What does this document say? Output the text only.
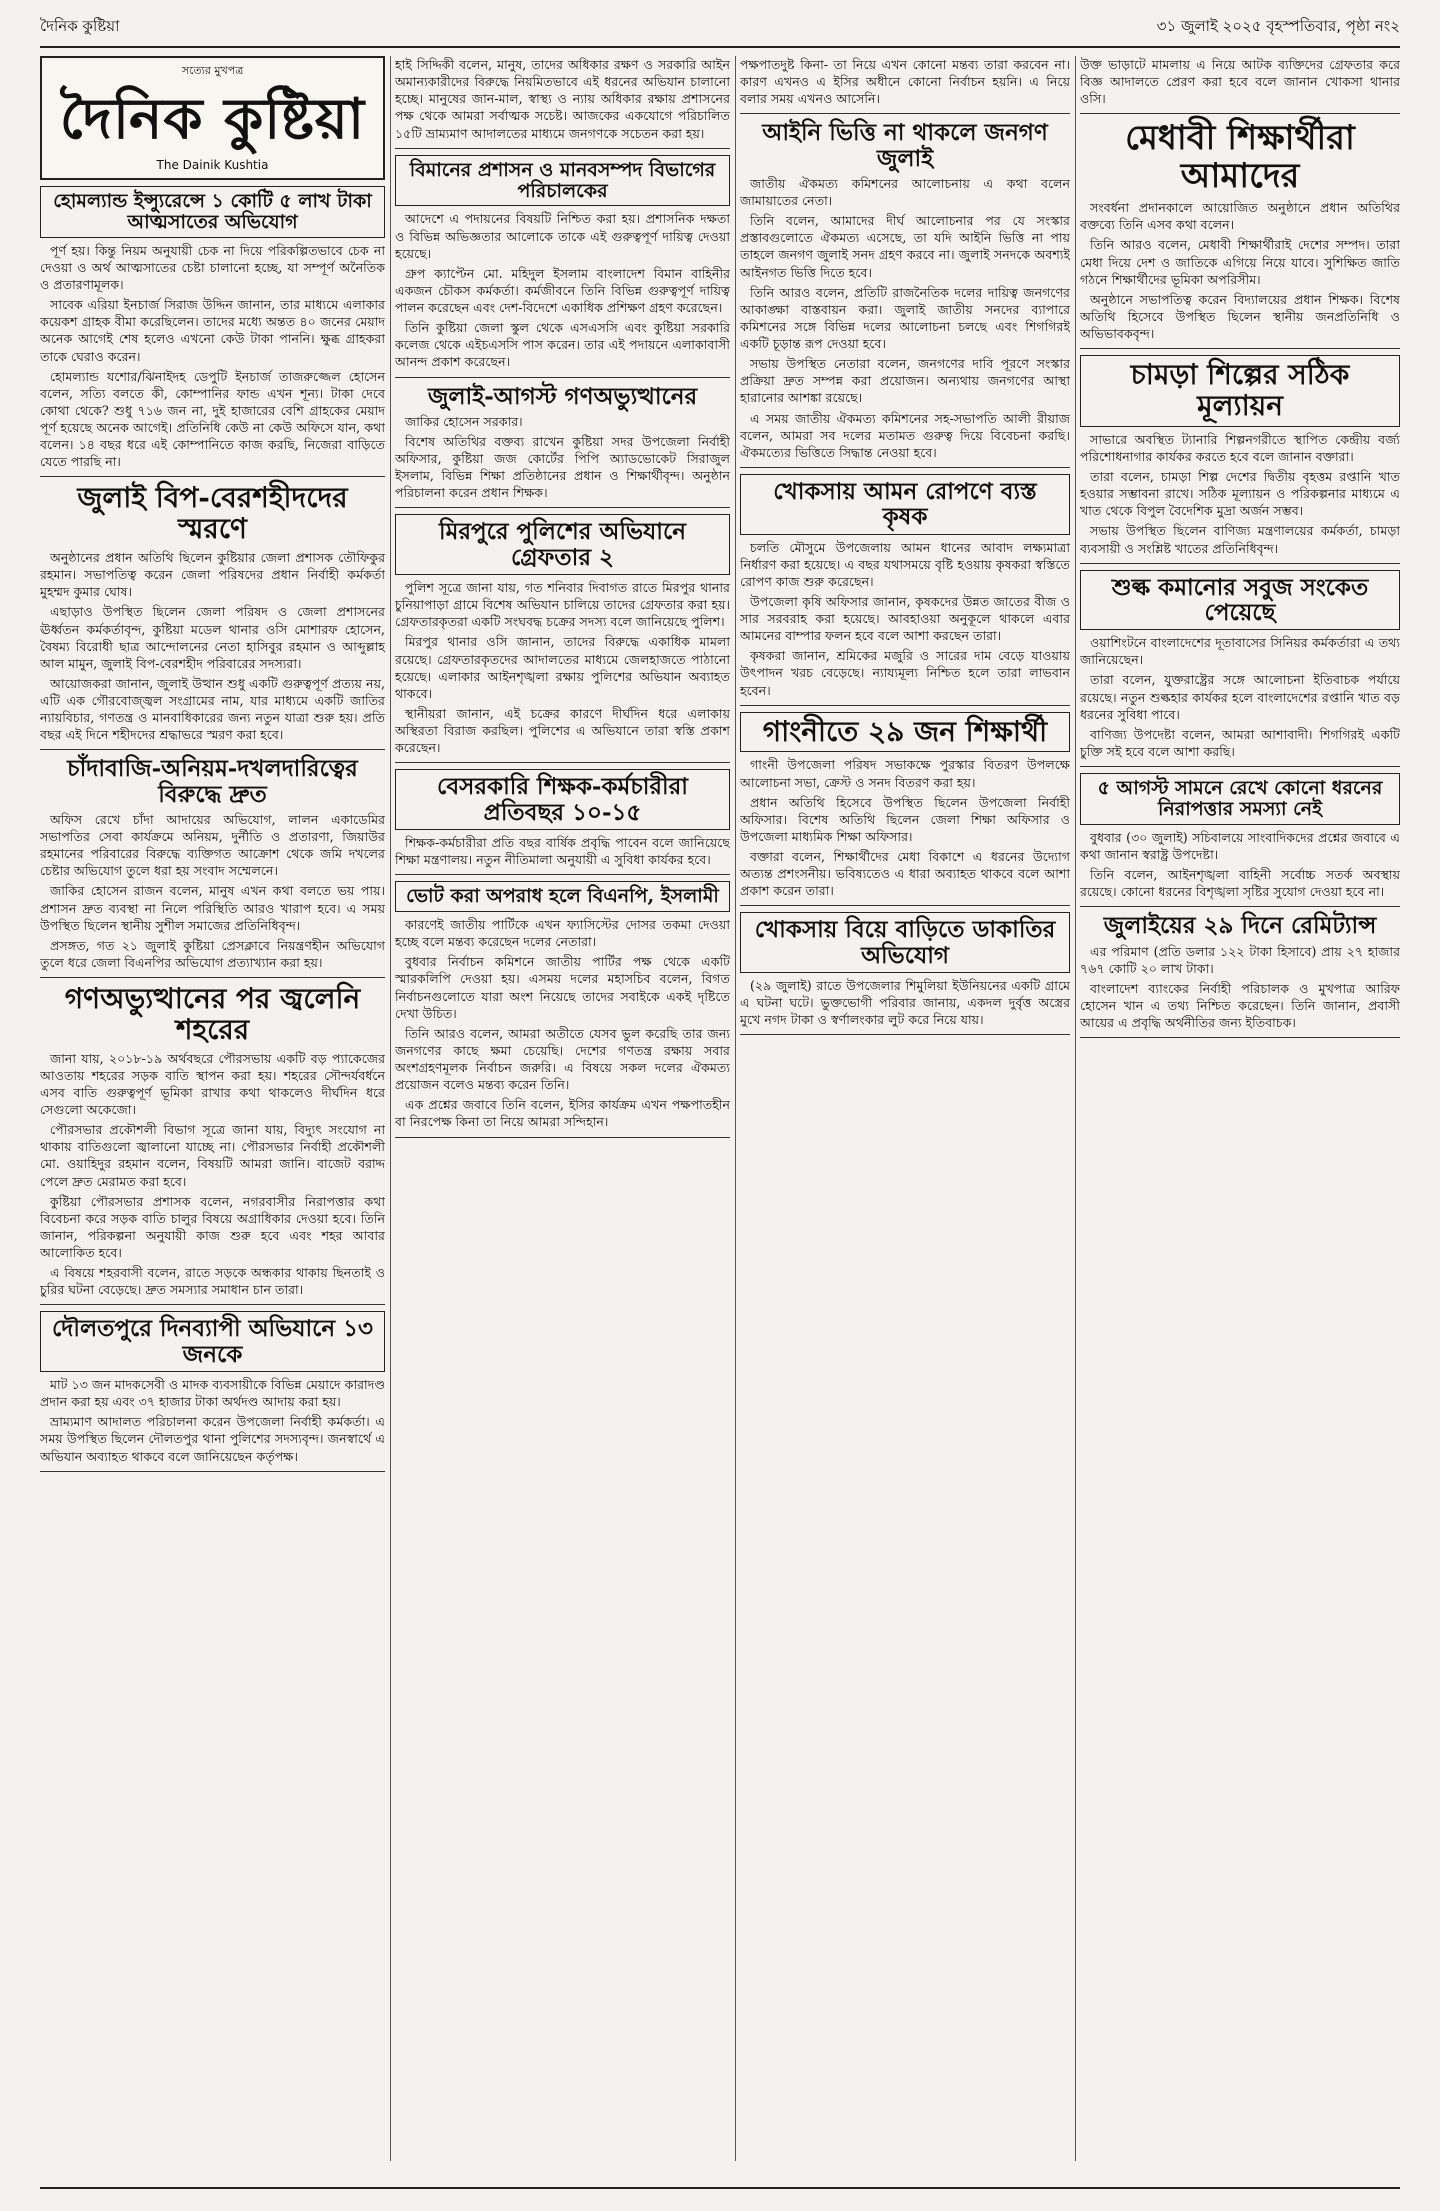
দৈনিক কুষ্টিয়া	৩১ জুলাই ২০২৫ বৃহস্পতিবার, পৃষ্ঠা নং২
সত্যের মুখপত্র
দৈনিক কুষ্টিয়া
The Dainik Kushtia
হোমল্যান্ড ইন্স্যুরেন্সে ১ কোটি ৫ লাখ টাকা আত্মসাতের অভিযোগ

পূর্ণ হয়। কিন্তু নিয়ম অনুযায়ী চেক না দিয়ে পরিকল্পিতভাবে চেক না দেওয়া ও অর্থ আত্মসাতের চেষ্টা চালানো হচ্ছে, যা সম্পূর্ণ অনৈতিক ও প্রতারণামূলক।

সাবেক এরিয়া ইনচার্জ সিরাজ উদ্দিন জানান, তার মাধ্যমে এলাকার কয়েকশ গ্রাহক বীমা করেছিলেন। তাদের মধ্যে অন্তত ৪০ জনের মেয়াদ অনেক আগেই শেষ হলেও এখনো কেউ টাকা পাননি। ক্ষুব্ধ গ্রাহকরা তাকে ঘেরাও করেন।

হোমল্যান্ড যশোর/ঝিনাইদহ ডেপুটি ইনচার্জ তাজরুজ্জেল হোসেন বলেন, সত্যি বলতে কী, কোম্পানির ফান্ড এখন শূন্য। টাকা দেবে কোথা থেকে? শুধু ৭১৬ জন না, দুই হাজারের বেশি গ্রাহকের মেয়াদ পূর্ণ হয়েছে অনেক আগেই। প্রতিনিধি কেউ না কেউ অফিসে যান, কথা বলেন। ১৪ বছর ধরে এই কোম্পানিতে কাজ করছি, নিজেরা বাড়িতে যেতে পারছি না।

জুলাই বিপ-বেরশহীদদের স্মরণে

অনুষ্ঠানের প্রধান অতিথি ছিলেন কুষ্টিয়ার জেলা প্রশাসক তৌফিকুর রহমান। সভাপতিত্ব করেন জেলা পরিষদের প্রধান নির্বাহী কর্মকর্তা মুহম্মদ কুমার ঘোষ।

এছাড়াও উপস্থিত ছিলেন জেলা পরিষদ ও জেলা প্রশাসনের ঊর্ধ্বতন কর্মকর্তাবৃন্দ, কুষ্টিয়া মডেল থানার ওসি মোশারফ হোসেন, বৈষম্য বিরোধী ছাত্র আন্দোলনের নেতা হাসিবুর রহমান ও আব্দুল্লাহ আল মামুন, জুলাই বিপ-বেরশহীদ পরিবারের সদস্যরা।

আয়োজকরা জানান, জুলাই উত্থান শুধু একটি গুরুত্বপূর্ণ প্রত্যয় নয়, এটি এক গৌরবোজ্জ্বল সংগ্রামের নাম, যার মাধ্যমে একটি জাতির ন্যায়বিচার, গণতন্ত্র ও মানবাধিকারের জন্য নতুন যাত্রা শুরু হয়। প্রতি বছর এই দিনে শহীদদের শ্রদ্ধাভরে স্মরণ করা হবে।

চাঁদাবাজি-অনিয়ম-দখলদারিত্বের বিরুদ্ধে দ্রুত

অফিস রেখে চাঁদা আদায়ের অভিযোগ, লালন একাডেমির সভাপতির সেবা কার্যক্রমে অনিয়ম, দুর্নীতি ও প্রতারণা, জিয়াউর রহমানের পরিবারের বিরুদ্ধে ব্যক্তিগত আক্রোশ থেকে জমি দখলের চেষ্টার অভিযোগ তুলে ধরা হয় সংবাদ সম্মেলনে।

জাকির হোসেন রাজন বলেন, মানুষ এখন কথা বলতে ভয় পায়। প্রশাসন দ্রুত ব্যবস্থা না নিলে পরিস্থিতি আরও খারাপ হবে। এ সময় উপস্থিত ছিলেন স্থানীয় সুশীল সমাজের প্রতিনিধিবৃন্দ।

প্রসঙ্গত, গত ২১ জুলাই কুষ্টিয়া প্রেসক্লাবে নিয়ন্ত্রণহীন অভিযোগ তুলে ধরে জেলা বিএনপির অভিযোগ প্রত্যাখ্যান করা হয়।

গণঅভ্যুত্থানের পর জ্বলেনি শহরের

জানা যায়, ২০১৮-১৯ অর্থবছরে পৌরসভায় একটি বড় প্যাকেজের আওতায় শহরের সড়ক বাতি স্থাপন করা হয়। শহরের সৌন্দর্যবর্ধনে এসব বাতি গুরুত্বপূর্ণ ভূমিকা রাখার কথা থাকলেও দীর্ঘদিন ধরে সেগুলো অকেজো।

পৌরসভার প্রকৌশলী বিভাগ সূত্রে জানা যায়, বিদ্যুৎ সংযোগ না থাকায় বাতিগুলো জ্বালানো যাচ্ছে না। পৌরসভার নির্বাহী প্রকৌশলী মো. ওয়াহিদুর রহমান বলেন, বিষয়টি আমরা জানি। বাজেট বরাদ্দ পেলে দ্রুত মেরামত করা হবে।

কুষ্টিয়া পৌরসভার প্রশাসক বলেন, নগরবাসীর নিরাপত্তার কথা বিবেচনা করে সড়ক বাতি চালুর বিষয়ে অগ্রাধিকার দেওয়া হবে। তিনি জানান, পরিকল্পনা অনুযায়ী কাজ শুরু হবে এবং শহর আবার আলোকিত হবে।

এ বিষয়ে শহরবাসী বলেন, রাতে সড়কে অন্ধকার থাকায় ছিনতাই ও চুরির ঘটনা বেড়েছে। দ্রুত সমস্যার সমাধান চান তারা।

দৌলতপুরে দিনব্যাপী অভিযানে ১৩ জনকে

মাট ১৩ জন মাদকসেবী ও মাদক ব্যবসায়ীকে বিভিন্ন মেয়াদে কারাদণ্ড প্রদান করা হয় এবং ৩৭ হাজার টাকা অর্থদণ্ড আদায় করা হয়।

ভ্রাম্যমাণ আদালত পরিচালনা করেন উপজেলা নির্বাহী কর্মকর্তা। এ সময় উপস্থিত ছিলেন দৌলতপুর থানা পুলিশের সদস্যবৃন্দ। জনস্বার্থে এ অভিযান অব্যাহত থাকবে বলে জানিয়েছেন কর্তৃপক্ষ।

হাই সিদ্দিকী বলেন, মানুষ, তাদের অধিকার রক্ষণ ও সরকারি আইন অমান্যকারীদের বিরুদ্ধে নিয়মিতভাবে এই ধরনের অভিযান চালানো হচ্ছে। মানুষের জান-মাল, স্বাস্থ্য ও ন্যায় অধিকার রক্ষায় প্রশাসনের পক্ষ থেকে আমরা সর্বাত্মক সচেষ্ট। আজকের একযোগে পরিচালিত ১৫টি ভ্রাম্যমাণ আদালতের মাধ্যমে জনগণকে সচেতন করা হয়।

বিমানের প্রশাসন ও মানবসম্পদ বিভাগের পরিচালকের

আদেশে এ পদায়নের বিষয়টি নিশ্চিত করা হয়। প্রশাসনিক দক্ষতা ও বিভিন্ন অভিজ্ঞতার আলোকে তাকে এই গুরুত্বপূর্ণ দায়িত্ব দেওয়া হয়েছে।

গ্রুপ ক্যাপ্টেন মো. মহিদুল ইসলাম বাংলাদেশ বিমান বাহিনীর একজন চৌকস কর্মকর্তা। কর্মজীবনে তিনি বিভিন্ন গুরুত্বপূর্ণ দায়িত্ব পালন করেছেন এবং দেশ-বিদেশে একাধিক প্রশিক্ষণ গ্রহণ করেছেন।

তিনি কুষ্টিয়া জেলা স্কুল থেকে এসএসসি এবং কুষ্টিয়া সরকারি কলেজ থেকে এইচএসসি পাস করেন। তার এই পদায়নে এলাকাবাসী আনন্দ প্রকাশ করেছেন।

জুলাই-আগস্ট গণঅভ্যুত্থানের

জাকির হোসেন সরকার।

বিশেষ অতিথির বক্তব্য রাখেন কুষ্টিয়া সদর উপজেলা নির্বাহী অফিসার, কুষ্টিয়া জজ কোর্টের পিপি অ্যাডভোকেট সিরাজুল ইসলাম, বিভিন্ন শিক্ষা প্রতিষ্ঠানের প্রধান ও শিক্ষার্থীবৃন্দ। অনুষ্ঠান পরিচালনা করেন প্রধান শিক্ষক।

মিরপুরে পুলিশের অভিযানে গ্রেফতার ২

পুলিশ সূত্রে জানা যায়, গত শনিবার দিবাগত রাতে মিরপুর থানার চুনিয়াপাড়া গ্রামে বিশেষ অভিযান চালিয়ে তাদের গ্রেফতার করা হয়। গ্রেফতারকৃতরা একটি সংঘবদ্ধ চক্রের সদস্য বলে জানিয়েছে পুলিশ।

মিরপুর থানার ওসি জানান, তাদের বিরুদ্ধে একাধিক মামলা রয়েছে। গ্রেফতারকৃতদের আদালতের মাধ্যমে জেলহাজতে পাঠানো হয়েছে। এলাকার আইনশৃঙ্খলা রক্ষায় পুলিশের অভিযান অব্যাহত থাকবে।

স্থানীয়রা জানান, এই চক্রের কারণে দীর্ঘদিন ধরে এলাকায় অস্থিরতা বিরাজ করছিল। পুলিশের এ অভিযানে তারা স্বস্তি প্রকাশ করেছেন।

বেসরকারি শিক্ষক-কর্মচারীরা প্রতিবছর ১০-১৫

শিক্ষক-কর্মচারীরা প্রতি বছর বার্ষিক প্রবৃদ্ধি পাবেন বলে জানিয়েছে শিক্ষা মন্ত্রণালয়। নতুন নীতিমালা অনুযায়ী এ সুবিধা কার্যকর হবে।

ভোট করা অপরাধ হলে বিএনপি, ইসলামী

কারণেই জাতীয় পার্টিকে এখন ফ্যাসিস্টের দোসর তকমা দেওয়া হচ্ছে বলে মন্তব্য করেছেন দলের নেতারা।

বুধবার নির্বাচন কমিশনে জাতীয় পার্টির পক্ষ থেকে একটি স্মারকলিপি দেওয়া হয়। এসময় দলের মহাসচিব বলেন, বিগত নির্বাচনগুলোতে যারা অংশ নিয়েছে তাদের সবাইকে একই দৃষ্টিতে দেখা উচিত।

তিনি আরও বলেন, আমরা অতীতে যেসব ভুল করেছি তার জন্য জনগণের কাছে ক্ষমা চেয়েছি। দেশের গণতন্ত্র রক্ষায় সবার অংশগ্রহণমূলক নির্বাচন জরুরি। এ বিষয়ে সকল দলের ঐকমত্য প্রয়োজন বলেও মন্তব্য করেন তিনি।

এক প্রশ্নের জবাবে তিনি বলেন, ইসির কার্যক্রম এখন পক্ষপাতহীন বা নিরপেক্ষ কিনা তা নিয়ে আমরা সন্দিহান।

পক্ষপাতদুষ্ট কিনা- তা নিয়ে এখন কোনো মন্তব্য তারা করবেন না। কারণ এখনও এ ইসির অধীনে কোনো নির্বাচন হয়নি। এ নিয়ে বলার সময় এখনও আসেনি।

আইনি ভিত্তি না থাকলে জনগণ জুলাই

জাতীয় ঐকমত্য কমিশনের আলোচনায় এ কথা বলেন জামায়াতের নেতা।

তিনি বলেন, আমাদের দীর্ঘ আলোচনার পর যে সংস্কার প্রস্তাবগুলোতে ঐকমত্য এসেছে, তা যদি আইনি ভিত্তি না পায় তাহলে জনগণ জুলাই সনদ গ্রহণ করবে না। জুলাই সনদকে অবশ্যই আইনগত ভিত্তি দিতে হবে।

তিনি আরও বলেন, প্রতিটি রাজনৈতিক দলের দায়িত্ব জনগণের আকাঙ্ক্ষা বাস্তবায়ন করা। জুলাই জাতীয় সনদের ব্যাপারে কমিশনের সঙ্গে বিভিন্ন দলের আলোচনা চলছে এবং শিগগিরই একটি চূড়ান্ত রূপ দেওয়া হবে।

সভায় উপস্থিত নেতারা বলেন, জনগণের দাবি পূরণে সংস্কার প্রক্রিয়া দ্রুত সম্পন্ন করা প্রয়োজন। অন্যথায় জনগণের আস্থা হারানোর আশঙ্কা রয়েছে।

এ সময় জাতীয় ঐকমত্য কমিশনের সহ-সভাপতি আলী রীয়াজ বলেন, আমরা সব দলের মতামত গুরুত্ব দিয়ে বিবেচনা করছি। ঐকমত্যের ভিত্তিতে সিদ্ধান্ত নেওয়া হবে।

খোকসায় আমন রোপণে ব্যস্ত কৃষক

চলতি মৌসুমে উপজেলায় আমন ধানের আবাদ লক্ষ্যমাত্রা নির্ধারণ করা হয়েছে। এ বছর যথাসময়ে বৃষ্টি হওয়ায় কৃষকরা স্বস্তিতে রোপণ কাজ শুরু করেছেন।

উপজেলা কৃষি অফিসার জানান, কৃষকদের উন্নত জাতের বীজ ও সার সরবরাহ করা হয়েছে। আবহাওয়া অনুকূলে থাকলে এবার আমনের বাম্পার ফলন হবে বলে আশা করছেন তারা।

কৃষকরা জানান, শ্রমিকের মজুরি ও সারের দাম বেড়ে যাওয়ায় উৎপাদন খরচ বেড়েছে। ন্যায্যমূল্য নিশ্চিত হলে তারা লাভবান হবেন।

গাংনীতে ২৯ জন শিক্ষার্থী

গাংনী উপজেলা পরিষদ সভাকক্ষে পুরস্কার বিতরণ উপলক্ষে আলোচনা সভা, ক্রেস্ট ও সনদ বিতরণ করা হয়।

প্রধান অতিথি হিসেবে উপস্থিত ছিলেন উপজেলা নির্বাহী অফিসার। বিশেষ অতিথি ছিলেন জেলা শিক্ষা অফিসার ও উপজেলা মাধ্যমিক শিক্ষা অফিসার।

বক্তারা বলেন, শিক্ষার্থীদের মেধা বিকাশে এ ধরনের উদ্যোগ অত্যন্ত প্রশংসনীয়। ভবিষ্যতেও এ ধারা অব্যাহত থাকবে বলে আশা প্রকাশ করেন তারা।

খোকসায় বিয়ে বাড়িতে ডাকাতির অভিযোগ

(২৯ জুলাই) রাতে উপজেলার শিমুলিয়া ইউনিয়নের একটি গ্রামে এ ঘটনা ঘটে। ভুক্তভোগী পরিবার জানায়, একদল দুর্বৃত্ত অস্ত্রের মুখে নগদ টাকা ও স্বর্ণালংকার লুট করে নিয়ে যায়।

উক্ত ভাড়াটে মামলায় এ নিয়ে আটক ব্যক্তিদের গ্রেফতার করে বিজ্ঞ আদালতে প্রেরণ করা হবে বলে জানান খোকসা থানার ওসি।

মেধাবী শিক্ষার্থীরা আমাদের

সংবর্ধনা প্রদানকালে আয়োজিত অনুষ্ঠানে প্রধান অতিথির বক্তব্যে তিনি এসব কথা বলেন।

তিনি আরও বলেন, মেধাবী শিক্ষার্থীরাই দেশের সম্পদ। তারা মেধা দিয়ে দেশ ও জাতিকে এগিয়ে নিয়ে যাবে। সুশিক্ষিত জাতি গঠনে শিক্ষার্থীদের ভূমিকা অপরিসীম।

অনুষ্ঠানে সভাপতিত্ব করেন বিদ্যালয়ের প্রধান শিক্ষক। বিশেষ অতিথি হিসেবে উপস্থিত ছিলেন স্থানীয় জনপ্রতিনিধি ও অভিভাবকবৃন্দ।

চামড়া শিল্পের সঠিক মূল্যায়ন

সাভারে অবস্থিত ট্যানারি শিল্পনগরীতে স্থাপিত কেন্দ্রীয় বর্জ্য পরিশোধনাগার কার্যকর করতে হবে বলে জানান বক্তারা।

তারা বলেন, চামড়া শিল্প দেশের দ্বিতীয় বৃহত্তম রপ্তানি খাত হওয়ার সম্ভাবনা রাখে। সঠিক মূল্যায়ন ও পরিকল্পনার মাধ্যমে এ খাত থেকে বিপুল বৈদেশিক মুদ্রা অর্জন সম্ভব।

সভায় উপস্থিত ছিলেন বাণিজ্য মন্ত্রণালয়ের কর্মকর্তা, চামড়া ব্যবসায়ী ও সংশ্লিষ্ট খাতের প্রতিনিধিবৃন্দ।

শুল্ক কমানোর সবুজ সংকেত পেয়েছে

ওয়াশিংটনে বাংলাদেশের দূতাবাসের সিনিয়র কর্মকর্তারা এ তথ্য জানিয়েছেন।

তারা বলেন, যুক্তরাষ্ট্রের সঙ্গে আলোচনা ইতিবাচক পর্যায়ে রয়েছে। নতুন শুল্কহার কার্যকর হলে বাংলাদেশের রপ্তানি খাত বড় ধরনের সুবিধা পাবে।

বাণিজ্য উপদেষ্টা বলেন, আমরা আশাবাদী। শিগগিরই একটি চুক্তি সই হবে বলে আশা করছি।

৫ আগস্ট সামনে রেখে কোনো ধরনের নিরাপত্তার সমস্যা নেই

বুধবার (৩০ জুলাই) সচিবালয়ে সাংবাদিকদের প্রশ্নের জবাবে এ কথা জানান স্বরাষ্ট্র উপদেষ্টা।

তিনি বলেন, আইনশৃঙ্খলা বাহিনী সর্বোচ্চ সতর্ক অবস্থায় রয়েছে। কোনো ধরনের বিশৃঙ্খলা সৃষ্টির সুযোগ দেওয়া হবে না।

জুলাইয়ের ২৯ দিনে রেমিট্যান্স

এর পরিমাণ (প্রতি ডলার ১২২ টাকা হিসাবে) প্রায় ২৭ হাজার ৭৬৭ কোটি ২০ লাখ টাকা।

বাংলাদেশ ব্যাংকের নির্বাহী পরিচালক ও মুখপাত্র আরিফ হোসেন খান এ তথ্য নিশ্চিত করেছেন। তিনি জানান, প্রবাসী আয়ের এ প্রবৃদ্ধি অর্থনীতির জন্য ইতিবাচক।
